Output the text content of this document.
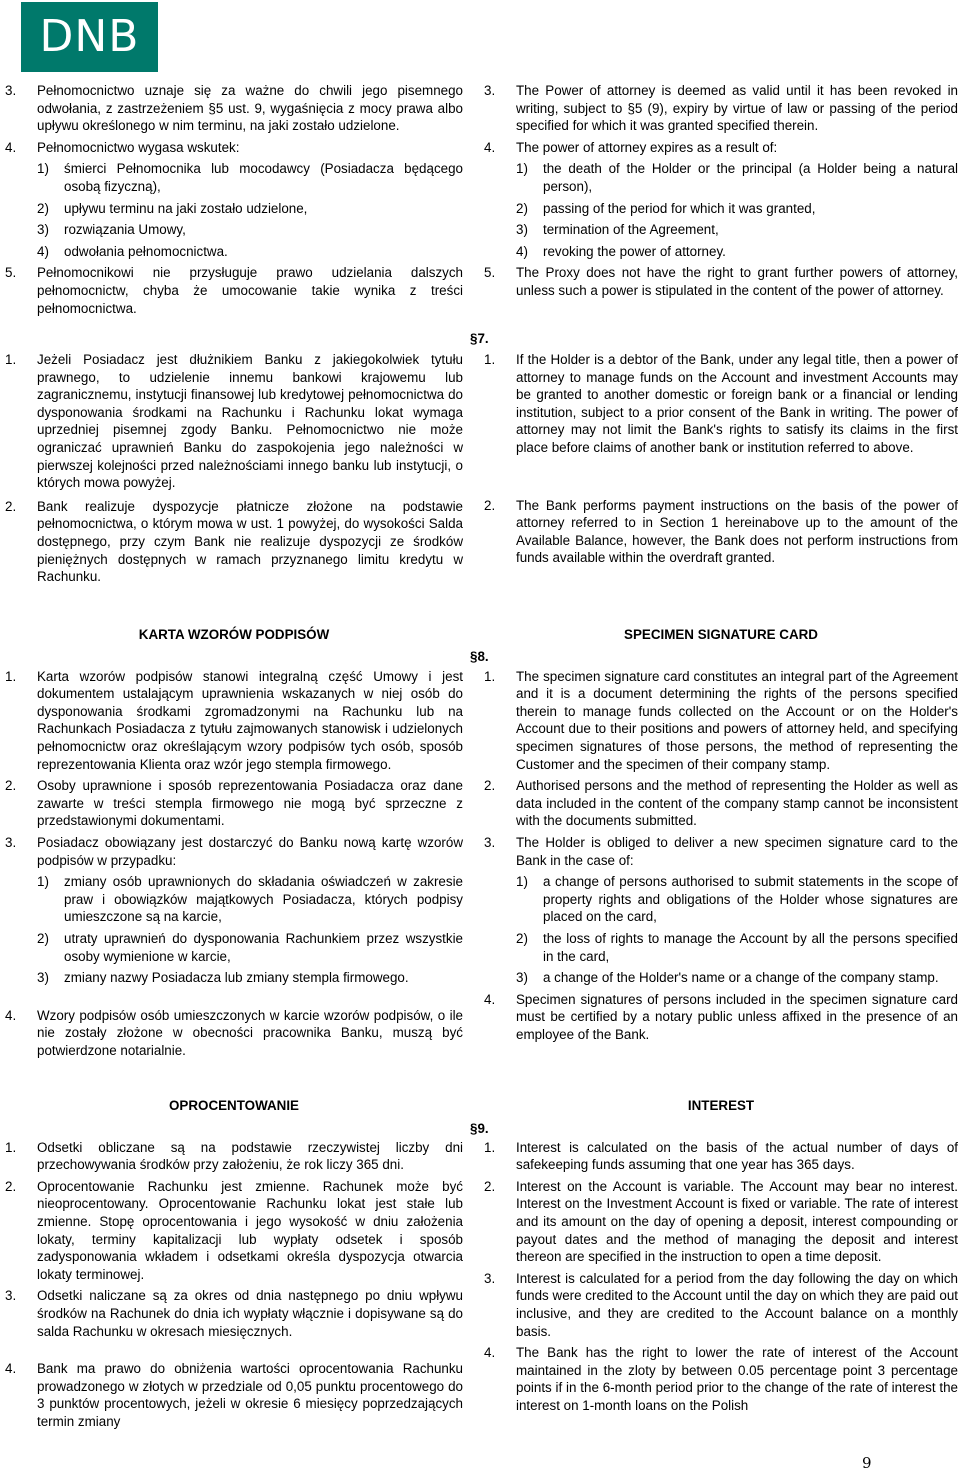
DNB
§7.
§8.
§9.
3. Pełnomocnictwo uznaje się za ważne do chwili jego pisemnego odwołania, z zastrzeżeniem §5 ust. 9, wygaśnięcia z mocy prawa albo upływu określonego w nim terminu, na jaki zostało udzielone.
4. Pełnomocnictwo wygasa wskutek:
1) śmierci Pełnomocnika lub mocodawcy (Posiadacza będącego osobą fizyczną),
2) upływu terminu na jaki zostało udzielone,
3) rozwiązania Umowy,
4) odwołania pełnomocnictwa.
5. Pełnomocnikowi nie przysługuje prawo udzielania dalszych pełnomocnictw, chyba że umocowanie takie wynika z treści pełnomocnictwa.
1. Jeżeli Posiadacz jest dłużnikiem Banku z jakiegokolwiek tytułu prawnego, to udzielenie innemu bankowi krajowemu lub zagranicznemu, instytucji finansowej lub kredytowej pełnomocnictwa do dysponowania środkami na Rachunku i Rachunku lokat wymaga uprzedniej pisemnej zgody Banku. Pełnomocnictwo nie może ograniczać uprawnień Banku do zaspokojenia jego należności w pierwszej kolejności przed należnościami innego banku lub instytucji, o których mowa powyżej.
2. Bank realizuje dyspozycje płatnicze złożone na podstawie pełnomocnictwa, o którym mowa w ust. 1 powyżej, do wysokości Salda dostępnego, przy czym Bank nie realizuje dyspozycji ze środków pieniężnych dostępnych w ramach przyznanego limitu kredytu w Rachunku.
KARTA WZORÓW PODPISÓW
1. Karta wzorów podpisów stanowi integralną część Umowy i jest dokumentem ustalającym uprawnienia wskazanych w niej osób do dysponowania środkami zgromadzonymi na Rachunku lub na Rachunkach Posiadacza z tytułu zajmowanych stanowisk i udzielonych pełnomocnictw oraz określającym wzory podpisów tych osób, sposób reprezentowania Klienta oraz wzór jego stempla firmowego.
2. Osoby uprawnione i sposób reprezentowania Posiadacza oraz dane zawarte w treści stempla firmowego nie mogą być sprzeczne z przedstawionymi dokumentami.
3. Posiadacz obowiązany jest dostarczyć do Banku nową kartę wzorów podpisów w przypadku:
1) zmiany osób uprawnionych do składania oświadczeń w zakresie praw i obowiązków majątkowych Posiadacza, których podpisy umieszczone są na karcie,
2) utraty uprawnień do dysponowania Rachunkiem przez wszystkie osoby wymienione w karcie,
3) zmiany nazwy Posiadacza lub zmiany stempla firmowego.
4. Wzory podpisów osób umieszczonych w karcie wzorów podpisów, o ile nie zostały złożone w obecności pracownika Banku, muszą być potwierdzone notarialnie.
OPROCENTOWANIE
1. Odsetki obliczane są na podstawie rzeczywistej liczby dni przechowywania środków przy założeniu, że rok liczy 365 dni.
2. Oprocentowanie Rachunku jest zmienne. Rachunek może być nieoprocentowany. Oprocentowanie Rachunku lokat jest stałe lub zmienne. Stopę oprocentowania i jego wysokość w dniu założenia lokaty, terminy kapitalizacji lub wypłaty odsetek i sposób zadysponowania wkładem i odsetkami określa dyspozycja otwarcia lokaty terminowej.
3. Odsetki naliczane są za okres od dnia następnego po dniu wpływu środków na Rachunek do dnia ich wypłaty włącznie i dopisywane są do salda Rachunku w okresach miesięcznych.
4. Bank ma prawo do obniżenia wartości oprocentowania Rachunku prowadzonego w złotych w przedziale od 0,05 punktu procentowego do 3 punktów procentowych, jeżeli w okresie 6 miesięcy poprzedzających termin zmiany
3. The Power of attorney is deemed as valid until it has been revoked in writing, subject to §5 (9), expiry by virtue of law or passing of the period specified for which it was granted specified therein.
4. The power of attorney expires as a result of:
1) the death of the Holder or the principal (a Holder being a natural person),
2) passing of the period for which it was granted,
3) termination of the Agreement,
4) revoking the power of attorney.
5. The Proxy does not have the right to grant further powers of attorney, unless such a power is stipulated in the content of the power of attorney.
1. If the Holder is a debtor of the Bank, under any legal title, then a power of attorney to manage funds on the Account and investment Accounts may be granted to another domestic or foreign bank or a financial or lending institution, subject to a prior consent of the Bank in writing. The power of attorney may not limit the Bank's rights to satisfy its claims in the first place before claims of another bank or institution referred to above.
2. The Bank performs payment instructions on the basis of the power of attorney referred to in Section 1 hereinabove up to the amount of the Available Balance, however, the Bank does not perform instructions from funds available within the overdraft granted.
SPECIMEN SIGNATURE CARD
1. The specimen signature card constitutes an integral part of the Agreement and it is a document determining the rights of the persons specified therein to manage funds collected on the Account or on the Holder's Account due to their positions and powers of attorney held, and specifying specimen signatures of those persons, the method of representing the Customer and the specimen of their company stamp.
2. Authorised persons and the method of representing the Holder as well as data included in the content of the company stamp cannot be inconsistent with the documents submitted.
3. The Holder is obliged to deliver a new specimen signature card to the Bank in the case of:
1) a change of persons authorised to submit statements in the scope of property rights and obligations of the Holder whose signatures are placed on the card,
2) the loss of rights to manage the Account by all the persons specified in the card,
3) a change of the Holder's name or a change of the company stamp.
4. Specimen signatures of persons included in the specimen signature card must be certified by a notary public unless affixed in the presence of an employee of the Bank.
INTEREST
1. Interest is calculated on the basis of the actual number of days of safekeeping funds assuming that one year has 365 days.
2. Interest on the Account is variable. The Account may bear no interest. Interest on the Investment Account is fixed or variable. The rate of interest and its amount on the day of opening a deposit, interest compounding or payout dates and the method of managing the deposit and interest thereon are specified in the instruction to open a time deposit.
3. Interest is calculated for a period from the day following the day on which funds were credited to the Account until the day on which they are paid out inclusive, and they are credited to the Account balance on a monthly basis.
4. The Bank has the right to lower the rate of interest of the Account maintained in the zloty by between 0.05 percentage point 3 percentage points if in the 6-month period prior to the change of the rate of interest the interest on 1-month loans on the Polish
9
